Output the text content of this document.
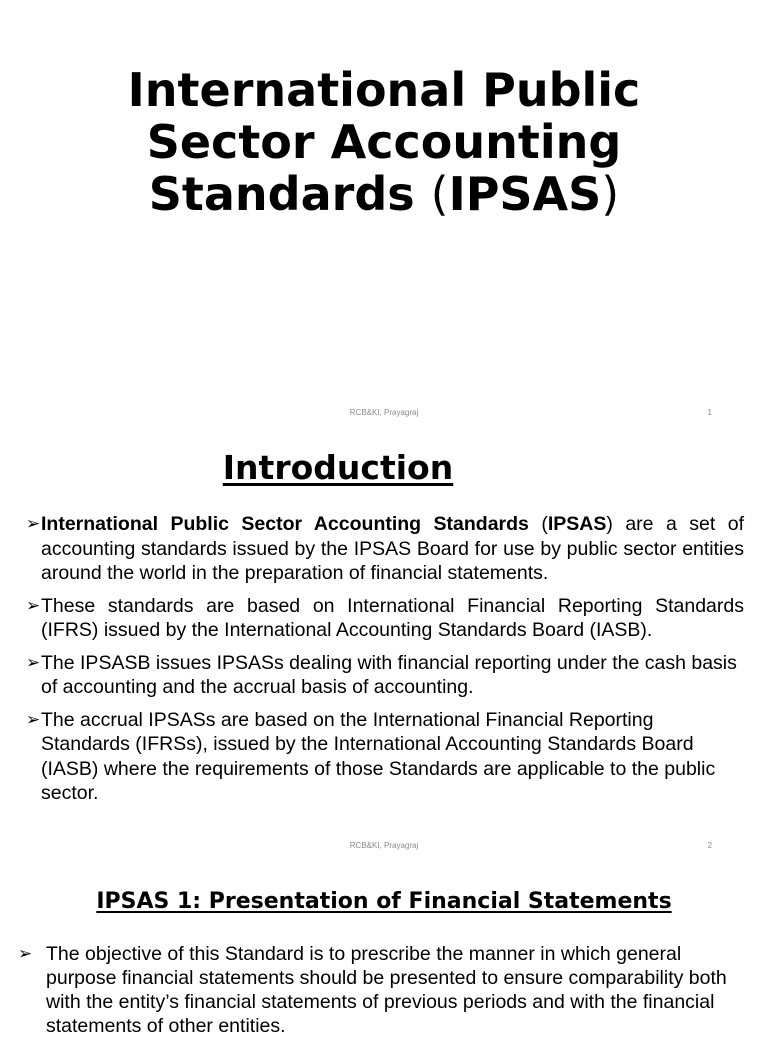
International Public
Sector Accounting
Standards (IPSAS)
RCB&KI, Prayagraj	1
Introduction
➢ International Public Sector Accounting Standards (IPSAS) are a set of accounting standards issued by the IPSAS Board for use by public sector entities around the world in the preparation of financial statements.
➢ These standards are based on International Financial Reporting Standards (IFRS) issued by the International Accounting Standards Board (IASB).
➢ The IPSASB issues IPSASs dealing with financial reporting under the cash basis of accounting and the accrual basis of accounting.
➢ The accrual IPSASs are based on the International Financial Reporting Standards (IFRSs), issued by the International Accounting Standards Board (IASB) where the requirements of those Standards are applicable to the public sector.
RCB&KI, Prayagraj	2
IPSAS 1: Presentation of Financial Statements
➢ The objective of this Standard is to prescribe the manner in which general purpose financial statements should be presented to ensure comparability both with the entity’s financial statements of previous periods and with the financial statements of other entities.
